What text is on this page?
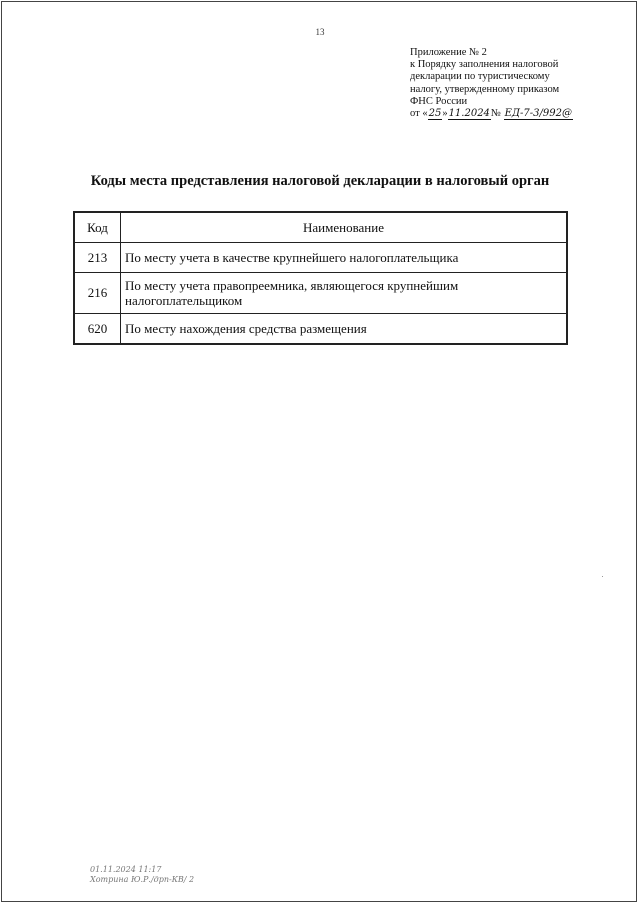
13
Приложение № 2
к Порядку заполнения налоговой
декларации по туристическому
налогу, утвержденному приказом
ФНС России
от «25»11.2024№ ЕД-7-3/992@
Коды места представления налоговой декларации в налоговый орган
Код	Наименование
213	По месту учета в качестве крупнейшего налогоплательщика
216	По месту учета правопреемника, являющегося крупнейшим налогоплательщиком
620	По месту нахождения средства размещения
01.11.2024 11:17
Хотрина Ю.Р./дрп-КВ/ 2
